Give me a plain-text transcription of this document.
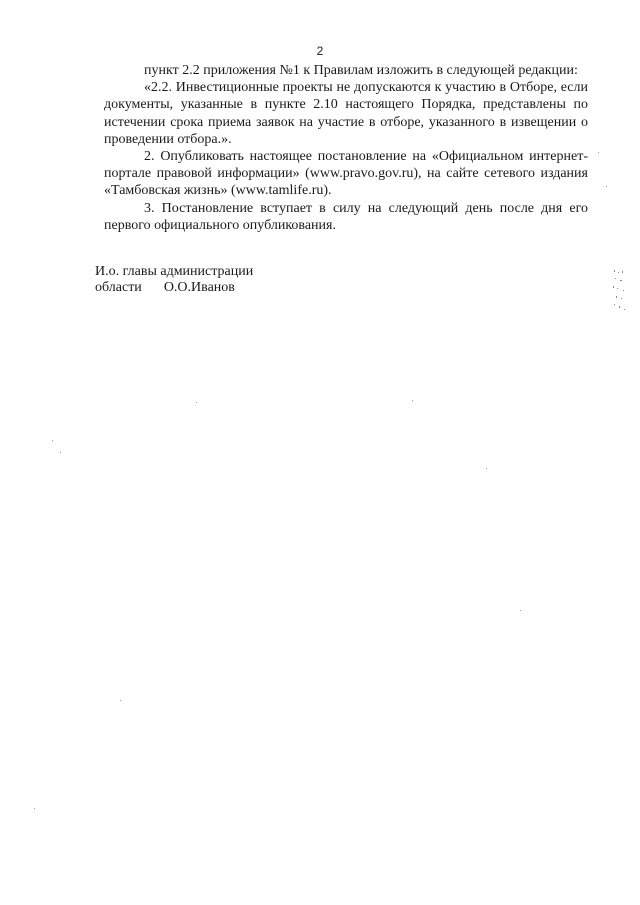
2

пункт 2.2 приложения №1 к Правилам изложить в следующей редакции:

«2.2. Инвестиционные проекты не допускаются к участию в Отборе, если документы, указанные в пункте 2.10 настоящего Порядка, представлены по истечении срока приема заявок на участие в отборе, указанного в извещении о проведении отбора.».

2. Опубликовать настоящее постановление на «Официальном интернет-портале правовой информации» (www.pravo.gov.ru), на сайте сетевого издания «Тамбовская жизнь» (www.tamlife.ru).

3. Постановление вступает в силу на следующий день после дня его первого официального опубликования.

И.о. главы администрации
области О.О.Иванов
